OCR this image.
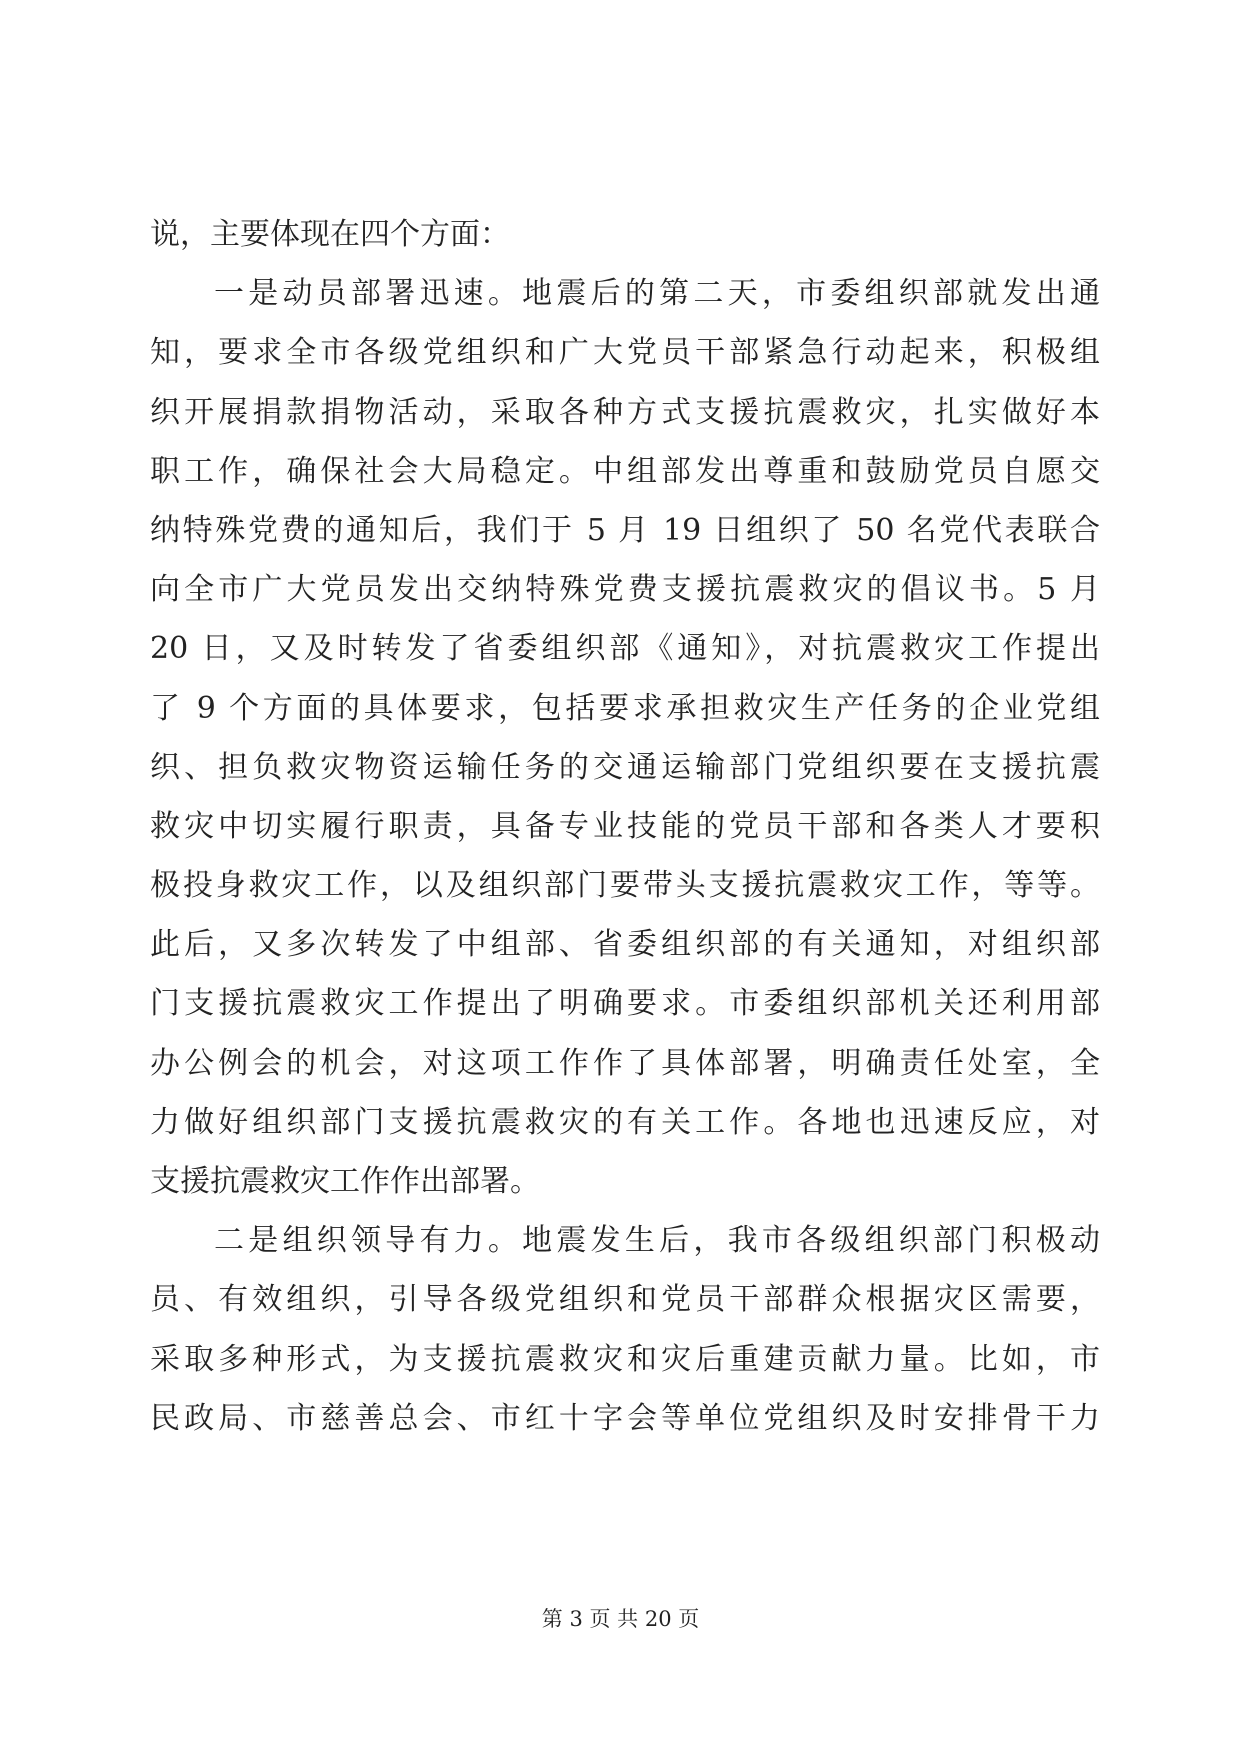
说，主要体现在四个方面：
一是动员部署迅速。地震后的第二天，市委组织部就发出通
知，要求全市各级党组织和广大党员干部紧急行动起来，积极组
织开展捐款捐物活动，采取各种方式支援抗震救灾，扎实做好本
职工作，确保社会大局稳定。中组部发出尊重和鼓励党员自愿交
纳特殊党费的通知后，我们于 5 月 19 日组织了 50 名党代表联合
向全市广大党员发出交纳特殊党费支援抗震救灾的倡议书。5 月
20 日，又及时转发了省委组织部《通知》，对抗震救灾工作提出
了 9 个方面的具体要求，包括要求承担救灾生产任务的企业党组
织、担负救灾物资运输任务的交通运输部门党组织要在支援抗震
救灾中切实履行职责，具备专业技能的党员干部和各类人才要积
极投身救灾工作，以及组织部门要带头支援抗震救灾工作，等等。
此后，又多次转发了中组部、省委组织部的有关通知，对组织部
门支援抗震救灾工作提出了明确要求。市委组织部机关还利用部
办公例会的机会，对这项工作作了具体部署，明确责任处室，全
力做好组织部门支援抗震救灾的有关工作。各地也迅速反应，对
支援抗震救灾工作作出部署。
二是组织领导有力。地震发生后，我市各级组织部门积极动
员、有效组织，引导各级党组织和党员干部群众根据灾区需要，
采取多种形式，为支援抗震救灾和灾后重建贡献力量。比如，市
民政局、市慈善总会、市红十字会等单位党组织及时安排骨干力
第 3 页 共 20 页
